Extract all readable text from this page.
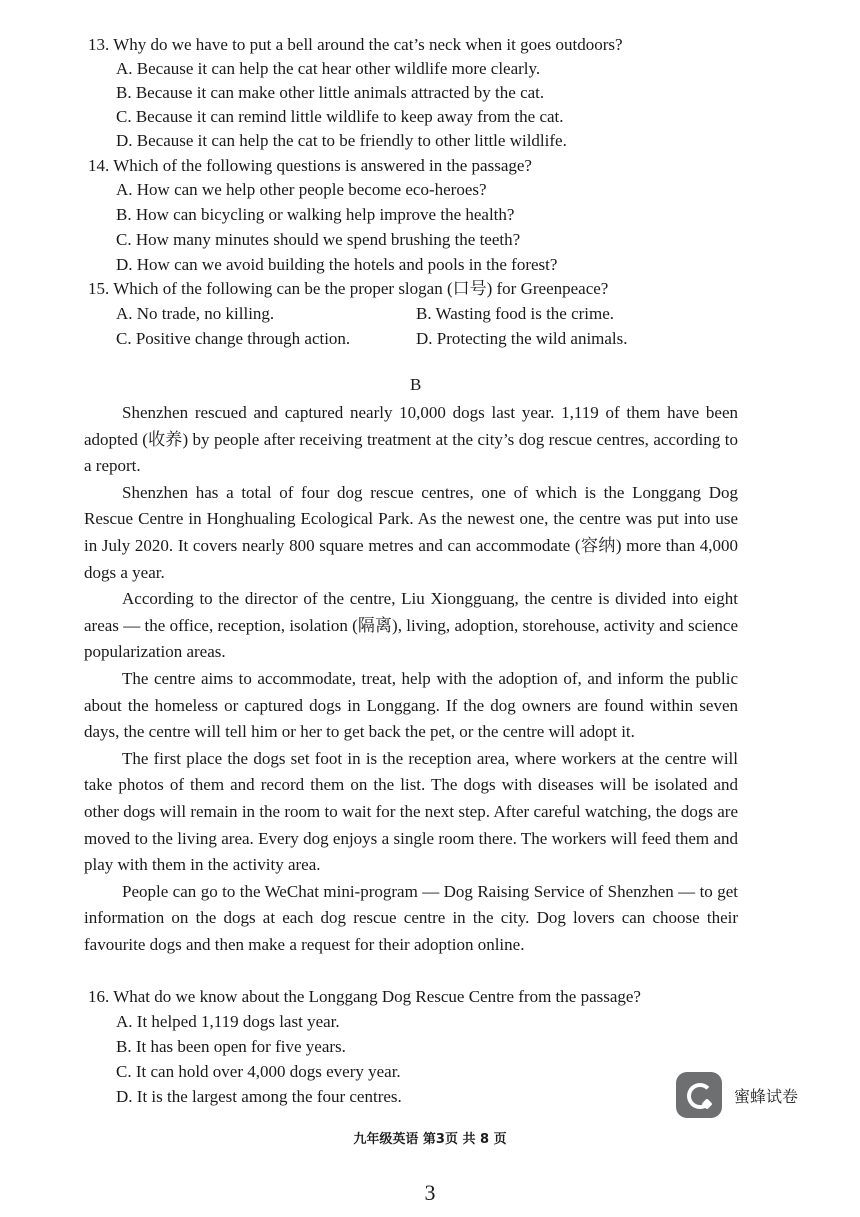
13. Why do we have to put a bell around the cat’s neck when it goes outdoors?
A. Because it can help the cat hear other wildlife more clearly.
B. Because it can make other little animals attracted by the cat.
C. Because it can remind little wildlife to keep away from the cat.
D. Because it can help the cat to be friendly to other little wildlife.
14. Which of the following questions is answered in the passage?
A. How can we help other people become eco-heroes?
B. How can bicycling or walking help improve the health?
C. How many minutes should we spend brushing the teeth?
D. How can we avoid building the hotels and pools in the forest?
15. Which of the following can be the proper slogan (口号) for Greenpeace?
A. No trade, no killing.	B. Wasting food is the crime.
C. Positive change through action.	D. Protecting the wild animals.
B

Shenzhen rescued and captured nearly 10,000 dogs last year. 1,119 of them have been adopted (收养) by people after receiving treatment at the city’s dog rescue centres, according to a report.

Shenzhen has a total of four dog rescue centres, one of which is the Longgang Dog Rescue Centre in Honghualing Ecological Park. As the newest one, the centre was put into use in July 2020. It covers nearly 800 square metres and can accommodate (容纳) more than 4,000 dogs a year.

According to the director of the centre, Liu Xiongguang, the centre is divided into eight areas — the office, reception, isolation (隔离), living, adoption, storehouse, activity and science popularization areas.

The centre aims to accommodate, treat, help with the adoption of, and inform the public about the homeless or captured dogs in Longgang. If the dog owners are found within seven days, the centre will tell him or her to get back the pet, or the centre will adopt it.

The first place the dogs set foot in is the reception area, where workers at the centre will take photos of them and record them on the list. The dogs with diseases will be isolated and other dogs will remain in the room to wait for the next step. After careful watching, the dogs are moved to the living area. Every dog enjoys a single room there. The workers will feed them and play with them in the activity area.

People can go to the WeChat mini-program — Dog Raising Service of Shenzhen — to get information on the dogs at each dog rescue centre in the city. Dog lovers can choose their favourite dogs and then make a request for their adoption online.

16. What do we know about the Longgang Dog Rescue Centre from the passage?
A. It helped 1,119 dogs last year.
B. It has been open for five years.
C. It can hold over 4,000 dogs every year.
D. It is the largest among the four centres.	蜜蜂试卷
九年级英语 第3页 共 8 页
3
